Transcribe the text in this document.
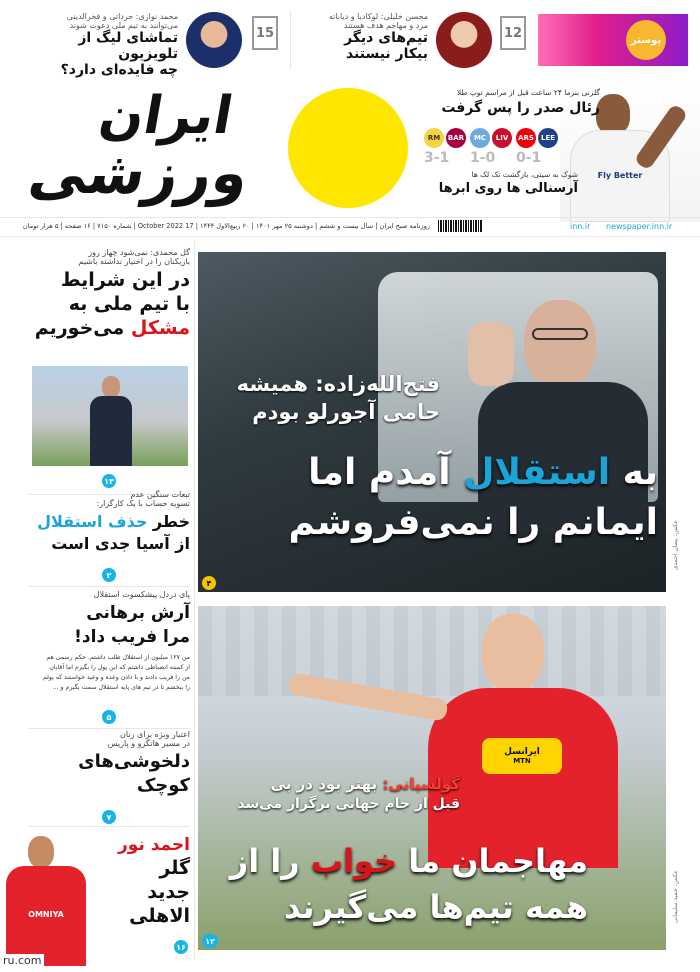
پوستر
12
محسن خلیلی: لوکادیا و دیاباته
مرد و مهاجم هدف هستند
تیم‌های دیگر
بیکار نیستند
15
محمد نوازی: حرداتی و فخرالدینی
می‌توانند به تیم ملی دعوت شوند
تماشای لیگ از تلویزیون
چه فایده‌ای دارد؟
ایران
ورزشی	Fly Better
گلزنی بنزما ۲۴ ساعت قبل از مراسم توپ طلا
رئال صدر را پس گرفت
RM BAR MC LIV ARS LEE
3-1 1-0 0-1
شوک به سیتی، بازگشت تک لک ها
آرسنالی ها روی ابرها
newspaper.inn.ir
inn.ir
روزنامه صبح ایران | سال بیست و ششم | دوشنبه ۲۵ مهر ۱۴۰۱ | ۲۰ ربیع‌الاول ۱۴۴۴ | 17 October 2022 | شماره ۷۱۵۰ | ۱۶ صفحه | ۵ هزار تومان
گل محمدی: نمی‌شود چهار روز
بازیکنان را در اختیار نداشته باشیم
در این شرایط
با تیم ملی به
مشکل می‌خوریم
۱۳
تبعات سنگین عدم
تسویه حساب با یک کارگزار:
خطر حذف استقلال
از آسیا جدی است
۲
پای دردل پیشکسوت استقلال
آرش برهانی
مرا فریب داد!
من ۱۲۷ میلیون از استقلال طلب داشتم. حکم رسمی هم
از کمیته انضباطی داشتم که این پول را بگیرم اما آقایان
من را فریب دادند و با دادن وعده و وعید خواستند که پولم
را ببخشم تا در تیم های پایه استقلال سمت بگیرم و ...
۵
اعتبار ویژه برای زنان
در مسیر هاتگزو و پاریس
دلخوشی‌های
کوچک
۷
OMNIYA
احمد نور
گلر
جدید
الاهلی
۱۶
فتح‌الله‌زاده: همیشه
حامی آجورلو بودم
به استقلال آمدم اما
ایمانم را نمی‌فروشم عکس: پیمان احمدی
۴
ایرانسل
MTN
گولسیانی: بهتر بود در بی
قبل از جام جهانی برگزار می‌شد
مهاجمان ما خواب را از
همه تیم‌ها می‌گیرند	عکس: حمید سلیمانی
۱۲
ru.com
